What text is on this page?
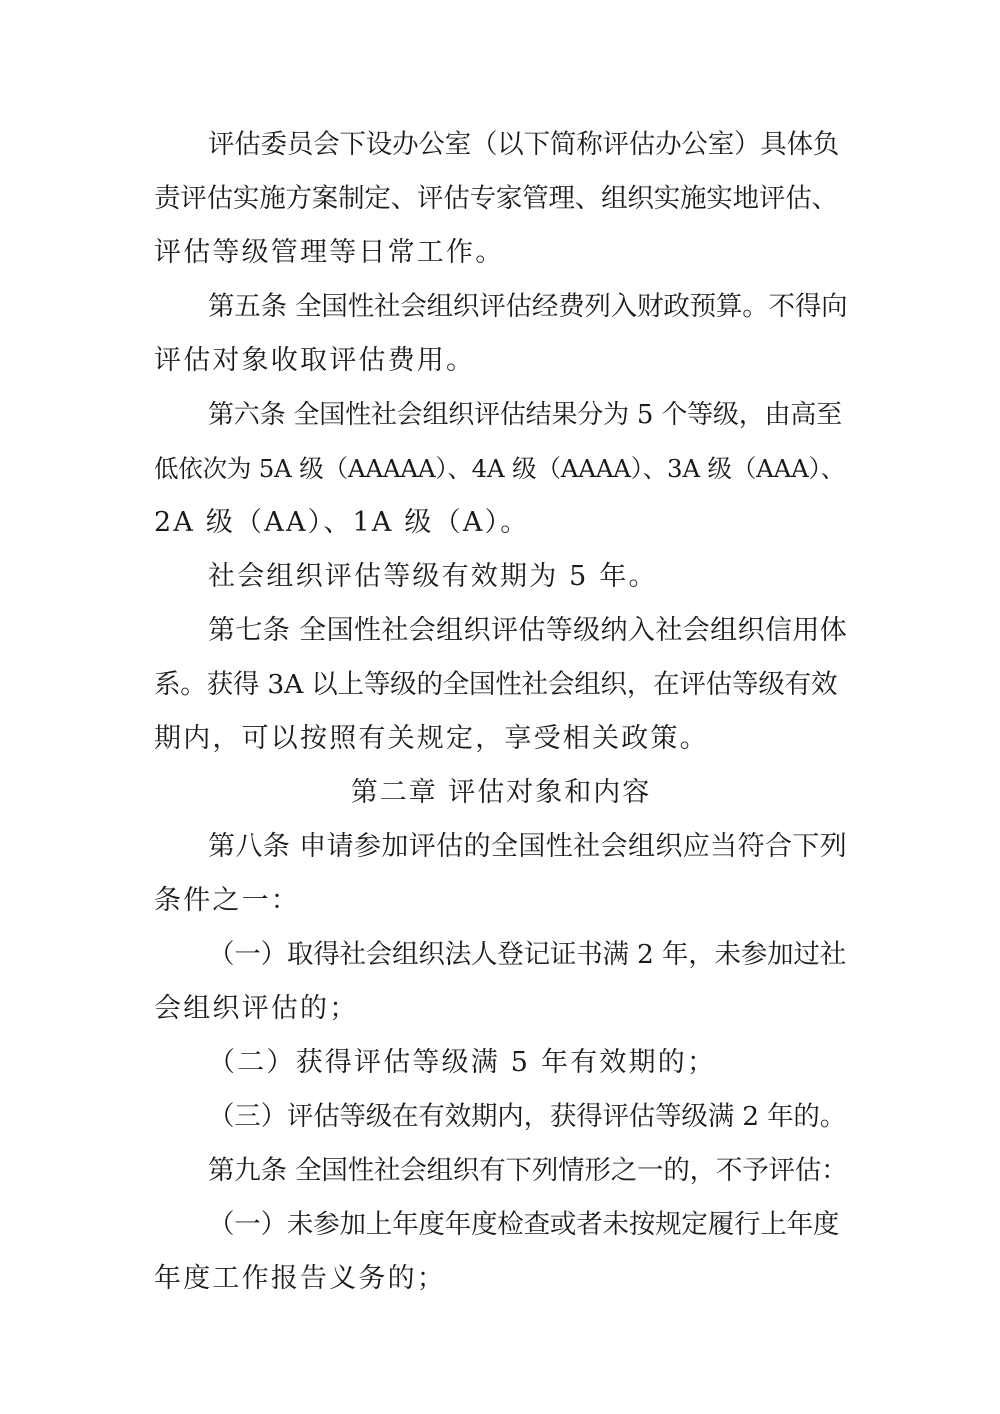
评估委员会下设办公室（以下简称评估办公室）具体负
责评估实施方案制定、评估专家管理、组织实施实地评估、
评估等级管理等日常工作。
第五条 全国性社会组织评估经费列入财政预算。不得向
评估对象收取评估费用。
第六条 全国性社会组织评估结果分为 5 个等级，由高至
低依次为 5A 级（AAAAA）、4A 级（AAAA）、3A 级（AAA）、
2A 级（AA）、1A 级（A）。
社会组织评估等级有效期为 5 年。
第七条 全国性社会组织评估等级纳入社会组织信用体
系。获得 3A 以上等级的全国性社会组织，在评估等级有效
期内，可以按照有关规定，享受相关政策。
第二章 评估对象和内容
第八条 申请参加评估的全国性社会组织应当符合下列
条件之一：
（一）取得社会组织法人登记证书满 2 年，未参加过社
会组织评估的；
（二）获得评估等级满 5 年有效期的；
（三）评估等级在有效期内，获得评估等级满 2 年的。
第九条 全国性社会组织有下列情形之一的，不予评估：
（一）未参加上年度年度检查或者未按规定履行上年度
年度工作报告义务的；
